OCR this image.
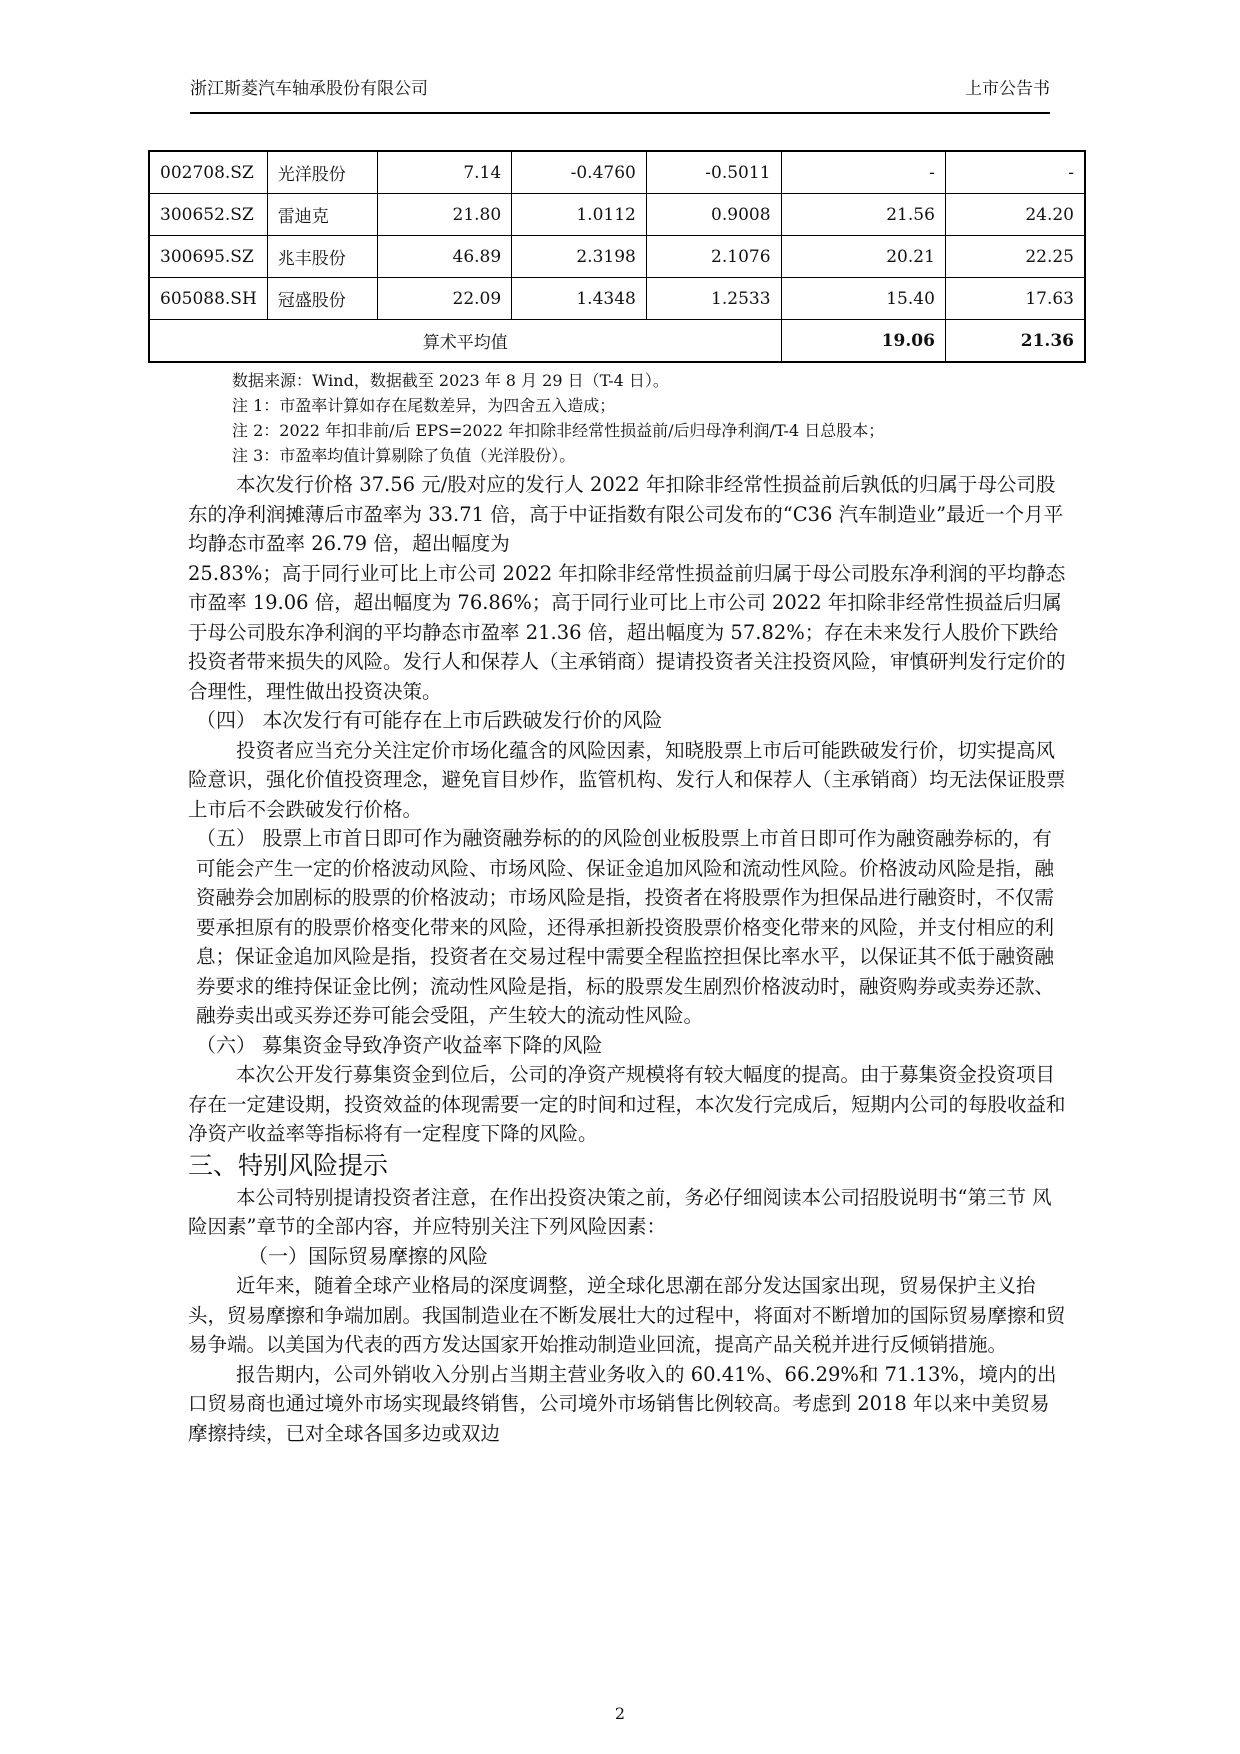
浙江斯菱汽车轴承股份有限公司	上市公告书
002708.SZ	光洋股份	7.14	-0.4760	-0.5011	-	-
300652.SZ	雷迪克	21.80	1.0112	0.9008	21.56	24.20
300695.SZ	兆丰股份	46.89	2.3198	2.1076	20.21	22.25
605088.SH	冠盛股份	22.09	1.4348	1.2533	15.40	17.63
算术平均值					19.06	21.36
数据来源：Wind，数据截至 2023 年 8 月 29 日（T-4 日）。
注 1：市盈率计算如存在尾数差异，为四舍五入造成；
注 2：2022 年扣非前/后 EPS=2022 年扣除非经常性损益前/后归母净利润/T-4 日总股本；
注 3：市盈率均值计算剔除了负值（光洋股份）。

本次发行价格 37.56 元/股对应的发行人 2022 年扣除非经常性损益前后孰低的归属于母公司股东的净利润摊薄后市盈率为 33.71 倍，高于中证指数有限公司发布的“C36 汽车制造业”最近一个月平均静态市盈率 26.79 倍，超出幅度为

25.83%；高于同行业可比上市公司 2022 年扣除非经常性损益前归属于母公司股东净利润的平均静态市盈率 19.06 倍，超出幅度为 76.86%；高于同行业可比上市公司 2022 年扣除非经常性损益后归属于母公司股东净利润的平均静态市盈率 21.36 倍，超出幅度为 57.82%；存在未来发行人股价下跌给投资者带来损失的风险。发行人和保荐人（主承销商）提请投资者关注投资风险，审慎研判发行定价的合理性，理性做出投资决策。

（四） 本次发行有可能存在上市后跌破发行价的风险

投资者应当充分关注定价市场化蕴含的风险因素，知晓股票上市后可能跌破发行价，切实提高风险意识，强化价值投资理念，避免盲目炒作，监管机构、发行人和保荐人（主承销商）均无法保证股票上市后不会跌破发行价格。

（五） 股票上市首日即可作为融资融券标的的风险创业板股票上市首日即可作为融资融券标的，有可能会产生一定的价格波动风险、市场风险、保证金追加风险和流动性风险。价格波动风险是指，融资融券会加剧标的股票的价格波动；市场风险是指，投资者在将股票作为担保品进行融资时，不仅需要承担原有的股票价格变化带来的风险，还得承担新投资股票价格变化带来的风险，并支付相应的利息；保证金追加风险是指，投资者在交易过程中需要全程监控担保比率水平，以保证其不低于融资融券要求的维持保证金比例；流动性风险是指，标的股票发生剧烈价格波动时，融资购券或卖券还款、融券卖出或买券还券可能会受阻，产生较大的流动性风险。

（六） 募集资金导致净资产收益率下降的风险

本次公开发行募集资金到位后，公司的净资产规模将有较大幅度的提高。由于募集资金投资项目存在一定建设期，投资效益的体现需要一定的时间和过程，本次发行完成后，短期内公司的每股收益和净资产收益率等指标将有一定程度下降的风险。

三、特别风险提示

本公司特别提请投资者注意，在作出投资决策之前，务必仔细阅读本公司招股说明书“第三节 风险因素”章节的全部内容，并应特别关注下列风险因素：

（一）国际贸易摩擦的风险

近年来，随着全球产业格局的深度调整，逆全球化思潮在部分发达国家出现，贸易保护主义抬头，贸易摩擦和争端加剧。我国制造业在不断发展壮大的过程中，将面对不断增加的国际贸易摩擦和贸易争端。以美国为代表的西方发达国家开始推动制造业回流，提高产品关税并进行反倾销措施。

报告期内，公司外销收入分别占当期主营业务收入的 60.41%、66.29%和 71.13%，境内的出口贸易商也通过境外市场实现最终销售，公司境外市场销售比例较高。考虑到 2018 年以来中美贸易摩擦持续，已对全球各国多边或双边

2
